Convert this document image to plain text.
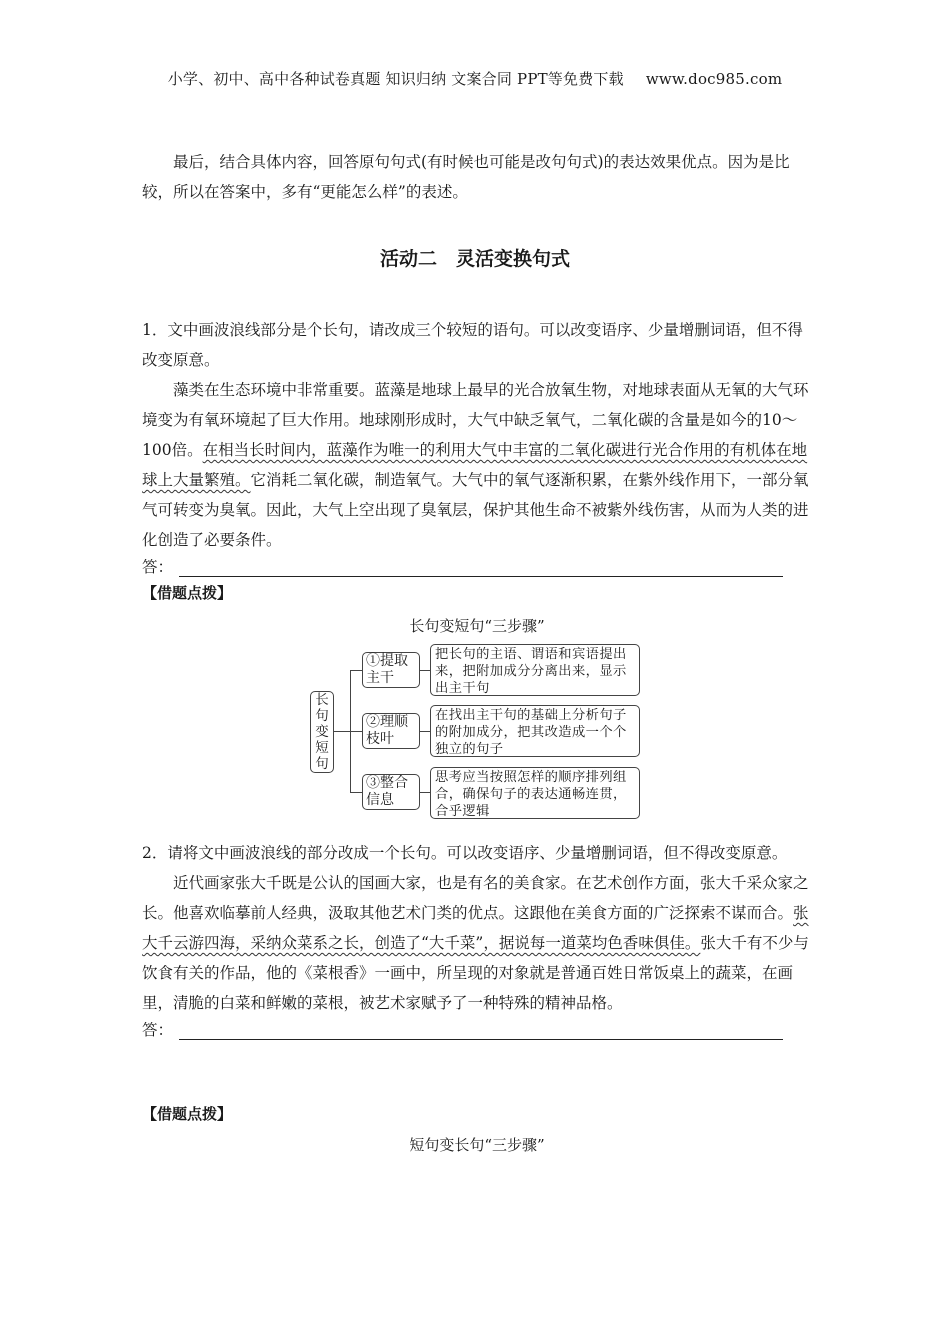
小学、初中、高中各种试卷真题 知识归纳 文案合同 PPT等免费下载 www.doc985.com

最后，结合具体内容，回答原句句式(有时候也可能是改句句式)的表达效果优点。因为是比较，所以在答案中，多有“更能怎么样”的表述。

活动二　灵活变换句式

1．文中画波浪线部分是个长句，请改成三个较短的语句。可以改变语序、少量增删词语，但不得改变原意。

藻类在生态环境中非常重要。蓝藻是地球上最早的光合放氧生物，对地球表面从无氧的大气环境变为有氧环境起了巨大作用。地球刚形成时，大气中缺乏氧气，二氧化碳的含量是如今的10～100倍。在相当长时间内，蓝藻作为唯一的利用大气中丰富的二氧化碳进行光合作用的有机体在地球上大量繁殖。它消耗二氧化碳，制造氧气。大气中的氧气逐渐积累，在紫外线作用下，一部分氧气可转变为臭氧。因此，大气上空出现了臭氧层，保护其他生命不被紫外线伤害，从而为人类的进化创造了必要条件。

答：
【借题点拨】
长句变短句“三步骤”
长
句
变
短
句
①提取主干
把长句的主语、谓语和宾语提出来，把附加成分分离出来，显示出主干句
②理顺枝叶
在找出主干句的基础上分析句子的附加成分，把其改造成一个个独立的句子
③整合信息
思考应当按照怎样的顺序排列组合，确保句子的表达通畅连贯，合乎逻辑

2．请将文中画波浪线的部分改成一个长句。可以改变语序、少量增删词语，但不得改变原意。

近代画家张大千既是公认的国画大家，也是有名的美食家。在艺术创作方面，张大千采众家之长。他喜欢临摹前人经典，汲取其他艺术门类的优点。这跟他在美食方面的广泛探索不谋而合。张大千云游四海，采纳众菜系之长，创造了“大千菜”，据说每一道菜均色香味俱佳。张大千有不少与饮食有关的作品，他的《菜根香》一画中，所呈现的对象就是普通百姓日常饭桌上的蔬菜，在画里，清脆的白菜和鲜嫩的菜根，被艺术家赋予了一种特殊的精神品格。

答：
【借题点拨】
短句变长句“三步骤”
